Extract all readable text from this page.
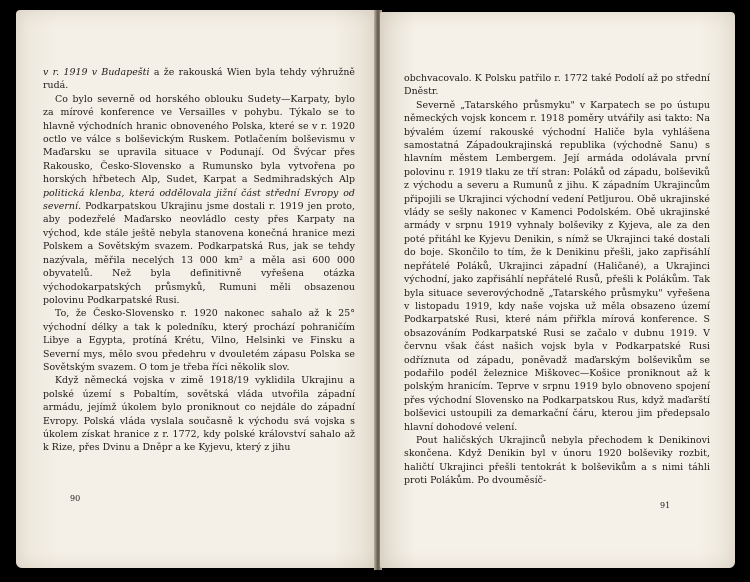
v r. 1919 v Budapešti a že rakouská Wien byla tehdy výhružně rudá.

Co bylo severně od horského oblouku Sudety—Karpaty, bylo za mírové konference ve Versailles v pohybu. Týkalo se to hlavně východních hranic obnoveného Polska, které se v r. 1920 octlo ve válce s bolševickým Ruskem. Potlačením bolševismu v Maďarsku se upravila situace v Podunají. Od Švýcar přes Rakousko, Česko-Slovensko a Rumunsko byla vytvořena po horských hřbetech Alp, Sudet, Karpat a Sedmihradských Alp politická klenba, která oddělovala jižní část střední Evropy od severní. Podkarpatskou Ukrajinu jsme dostali r. 1919 jen proto, aby podezřelé Maďarsko neovládlo cesty přes Karpaty na východ, kde stále ještě nebyla stanovena konečná hranice mezi Polskem a Sovětským svazem. Podkarpatská Rus, jak se tehdy nazývala, měřila necelých 13 000 km² a měla asi 600 000 obyvatelů. Než byla definitivně vyřešena otázka východokarpatských průsmyků, Rumuni měli obsazenou polovinu Podkarpatské Rusi.

To, že Česko-Slovensko r. 1920 nakonec sahalo až k 25° východní délky a tak k poledníku, který prochází pohraničím Libye a Egypta, protíná Krétu, Vilno, Helsinki ve Finsku a Severní mys, mělo svou předehru v dvouletém zápasu Polska se Sovětským svazem. O tom je třeba říci několik slov.

Když německá vojska v zimě 1918/19 vyklidila Ukrajinu a polské území s Pobaltím, sovětská vláda utvořila západní armádu, jejímž úkolem bylo proniknout co nejdále do západní Evropy. Polská vláda vyslala současně k východu svá vojska s úkolem získat hranice z r. 1772, kdy polské království sahalo až k Rize, přes Dvinu a Dněpr a ke Kyjevu, který z jihu

90

obchvacovalo. K Polsku patřilo r. 1772 také Podolí až po střední Dněstr.

Severně „Tatarského průsmyku" v Karpatech se po ústupu německých vojsk koncem r. 1918 poměry utvářily asi takto: Na bývalém území rakouské východní Haliče byla vyhlášena samostatná Západoukrajinská republika (východně Sanu) s hlavním městem Lembergem. Její armáda odolávala první polovinu r. 1919 tlaku ze tří stran: Poláků od západu, bolševiků z východu a severu a Rumunů z jihu. K západním Ukrajincům připojili se Ukrajinci východní vedení Petljurou. Obě ukrajinské vlády se sešly nakonec v Kamenci Podolském. Obě ukrajinské armády v srpnu 1919 vyhnaly bolševiky z Kyjeva, ale za den poté přitáhl ke Kyjevu Denikin, s nímž se Ukrajinci také dostali do boje. Skončilo to tím, že k Denikinu přešli, jako zapřisáhlí nepřátelé Poláků, Ukrajinci západní (Haličané), a Ukrajinci východní, jako zapřisáhlí nepřátelé Rusů, přešli k Polákům. Tak byla situace severovýchodně „Tatarského průsmyku" vyřešena v listopadu 1919, kdy naše vojska už měla obsazeno území Podkarpatské Rusi, které nám přiřkla mírová konference. S obsazováním Podkarpatské Rusi se začalo v dubnu 1919. V červnu však část našich vojsk byla v Podkarpatské Rusi odříznuta od západu, poněvadž maďarským bolševikům se podařilo podél železnice Miškovec—Košice proniknout až k polským hranicím. Teprve v srpnu 1919 bylo obnoveno spojení přes východní Slovensko na Podkarpatskou Rus, když maďarští bolševici ustoupili za demarkační čáru, kterou jim předepsalo hlavní dohodové velení.

Pout haličských Ukrajinců nebyla přechodem k Denikinovi skončena. Když Denikin byl v únoru 1920 bolševiky rozbit, haličtí Ukrajinci přešli tentokrát k bolševikům a s nimi táhli proti Polákům. Po dvouměsíč-

91
